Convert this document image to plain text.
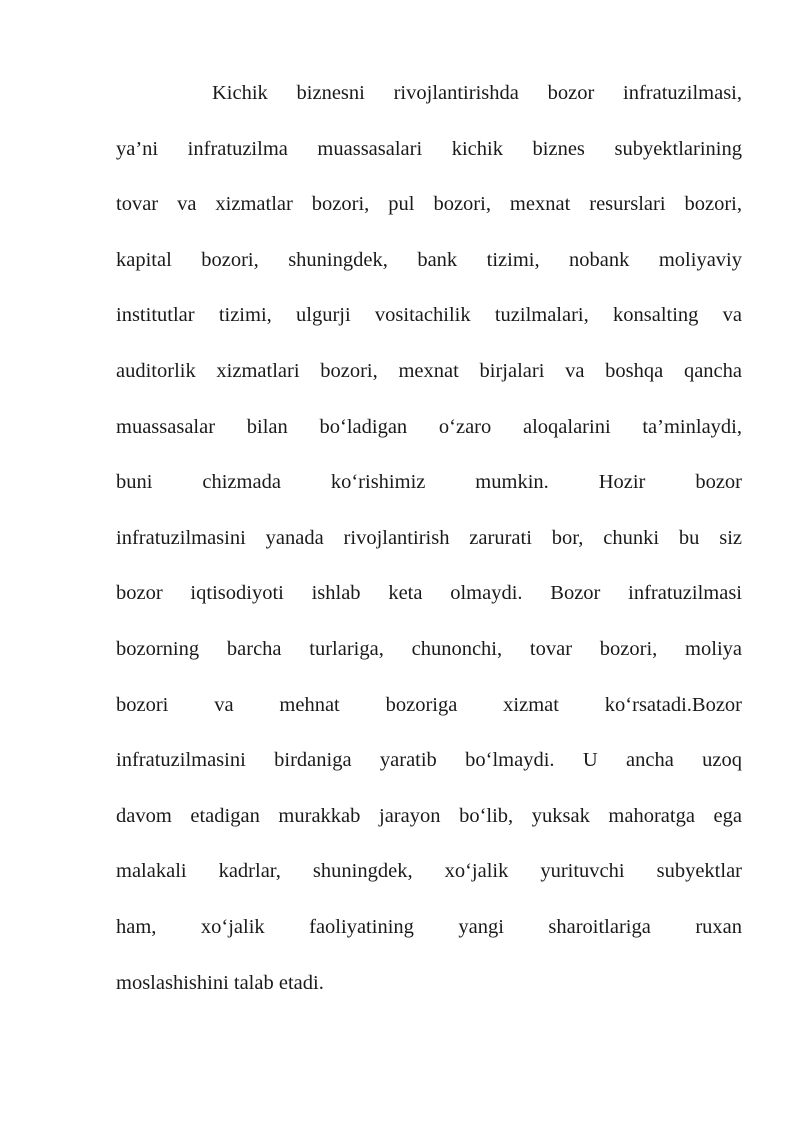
Kichik biznesni rivojlantirishda bozor infratuzilmasi,
ya’ni infratuzilma muassasalari kichik biznes subyektlarining
tovar va xizmatlar bozori, pul bozori, mexnat resurslari bozori,
kapital bozori, shuningdek, bank tizimi, nobank moliyaviy
institutlar tizimi, ulgurji vositachilik tuzilmalari, konsalting va
auditorlik xizmatlari bozori, mexnat birjalari va boshqa qancha
muassasalar bilan bo‘ladigan o‘zaro aloqalarini ta’minlaydi,
buni chizmada ko‘rishimiz mumkin. Hozir bozor
infratuzilmasini yanada rivojlantirish zarurati bor, chunki bu siz
bozor iqtisodiyoti ishlab keta olmaydi. Bozor infratuzilmasi
bozorning barcha turlariga, chunonchi, tovar bozori, moliya
bozori va mehnat bozoriga xizmat ko‘rsatadi.Bozor
infratuzilmasini birdaniga yaratib bo‘lmaydi. U ancha uzoq
davom etadigan murakkab jarayon bo‘lib, yuksak mahoratga ega
malakali kadrlar, shuningdek, xo‘jalik yurituvchi subyektlar
ham, xo‘jalik faoliyatining yangi sharoitlariga ruxan
moslashishini talab etadi.
